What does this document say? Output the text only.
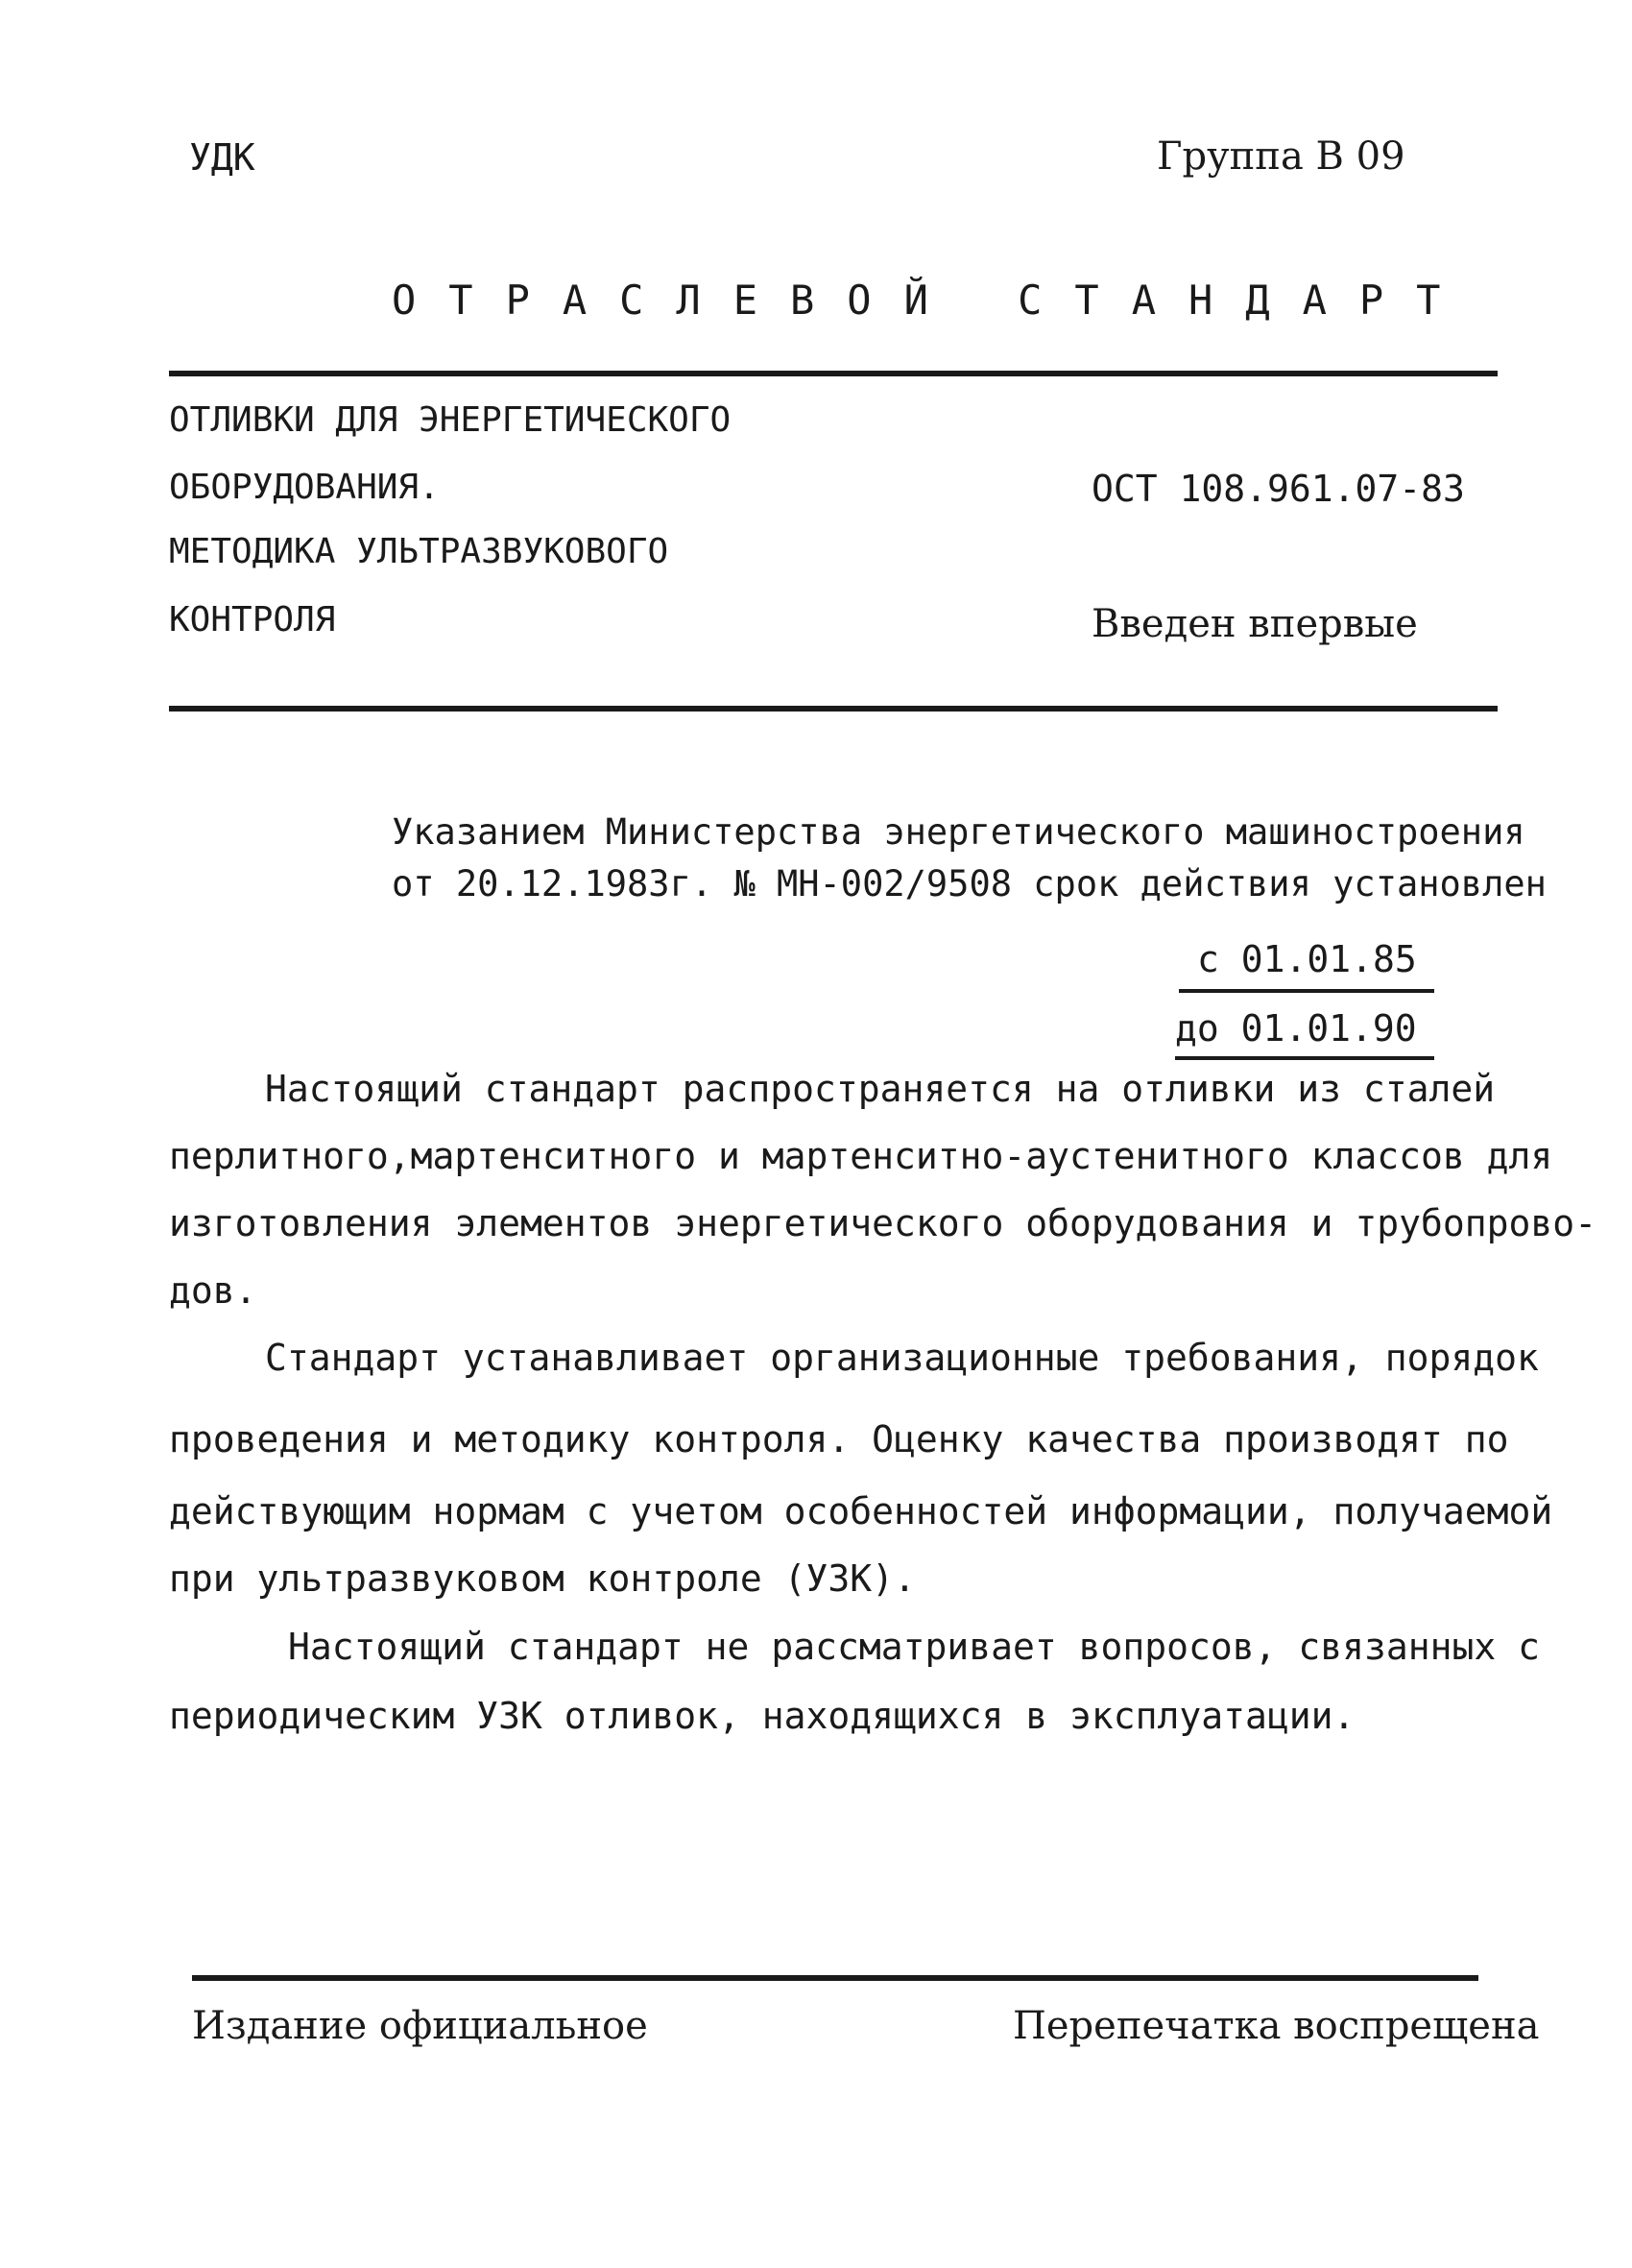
УДК	Группа В 09
ОТРАСЛЕВОЙ СТАНДАРТ
ОТЛИВКИ ДЛЯ ЭНЕРГЕТИЧЕСКОГО
ОБОРУДОВАНИЯ.
МЕТОДИКА УЛЬТРАЗВУКОВОГО
КОНТРОЛЯ
ОСТ 108.961.07-83
Введен впервые
Указанием Министерства энергетического машиностроения
от 20.12.1983г. № МН-002/9508 срок действия установлен
с 01.01.85
до 01.01.90
Настоящий стандарт распространяется на отливки из сталей
перлитного,мартенситного и мартенситно-аустенитного классов для
изготовления элементов энергетического оборудования и трубопрово-
дов.
Стандарт устанавливает организационные требования, порядок
проведения и методику контроля. Оценку качества производят по
действующим нормам с учетом особенностей информации, получаемой
при ультразвуковом контроле (УЗК).
Настоящий стандарт не рассматривает вопросов, связанных с
периодическим УЗК отливок, находящихся в эксплуатации.
Издание официальное	Перепечатка воспрещена
